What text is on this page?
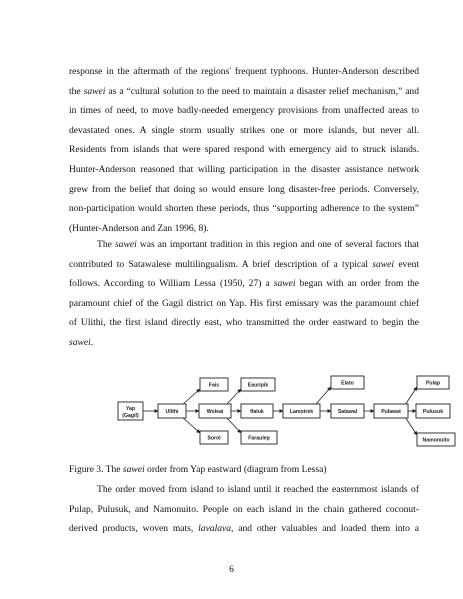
response in the aftermath of the regions' frequent typhoons. Hunter-Anderson described
the sawei as a “cultural solution to the need to maintain a disaster relief mechanism,” and
in times of need, to move badly-needed emergency provisions from unaffected areas to
devastated ones. A single storm usually strikes one or more islands, but never all.
Residents from islands that were spared respond with emergency aid to struck islands.
Hunter-Anderson reasoned that willing participation in the disaster assistance network
grew from the belief that doing so would ensure long disaster-free periods. Conversely,
non-participation would shorten these periods, thus “supporting adherence to the system”
(Hunter-Anderson and Zan 1996, 8).
The sawei was an important tradition in this region and one of several factors that
contributed to Satawalese multilingualism. A brief description of a typical sawei event
follows. According to William Lessa (1950, 27) a sawei began with an order from the
paramount chief of the Gagil district on Yap. His first emissary was the paramount chief
of Ulithi, the first island directly east, who transmitted the order eastward to begin the
sawei.
Yap
(Gagil)
Ulithi
Fais
Woleai
Sorol
Eauripik
Ifaluk
Faraulep
Lamotrek
Elato
Satawal	Pulawat
Pulap
Pulusuk
Namonuito
Figure 3. The sawei order from Yap eastward (diagram from Lessa)
The order moved from island to island until it reached the easternmost islands of
Pulap, Pulusuk, and Namonuito. People on each island in the chain gathered coconut-
derived products, woven mats, lavalava, and other valuables and loaded them into a
6
